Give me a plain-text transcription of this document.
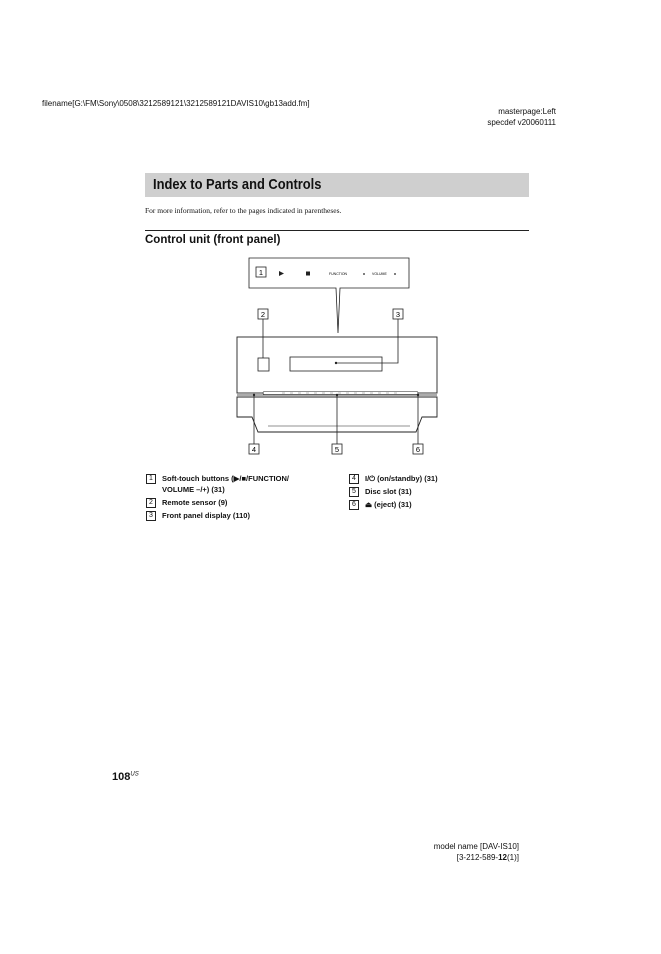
filename[G:\FM\Sony\0508\3212589121\3212589121DAVIS10\gb13add.fm]
masterpage:Left
specdef v20060111
Index to Parts and Controls
For more information, refer to the pages indicated in parentheses.
Control unit (front panel)
1	FUNCTION	VOLUME
2	3
4	5	6
1	Soft-touch buttons (▶/■/FUNCTION/
VOLUME –/+) (31)
2	Remote sensor (9)
3	Front panel display (110)
4	I/⏻ (on/standby) (31)
5	Disc slot (31)
6	⏏ (eject) (31)
$108^{US}$
model name [DAV-IS10]
[3-212-589-12(1)]
